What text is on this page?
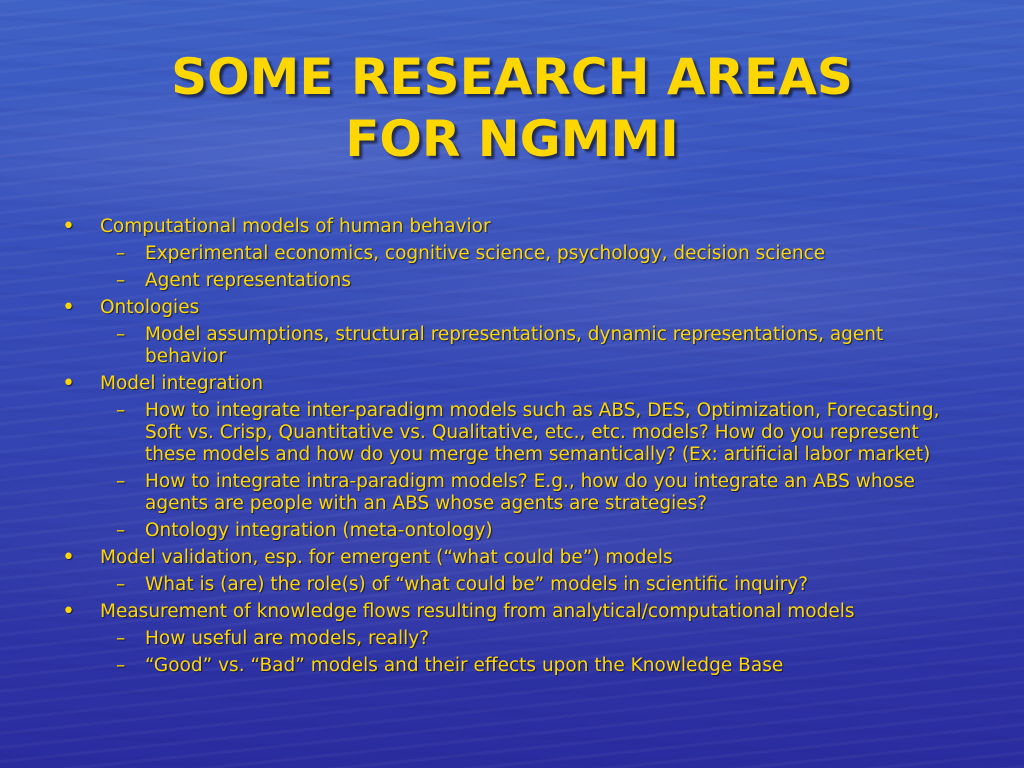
SOME RESEARCH AREAS
FOR NGMMI
• Computational models of human behavior
– Experimental economics, cognitive science, psychology, decision science
– Agent representations
• Ontologies
– Model assumptions, structural representations, dynamic representations, agent behavior
• Model integration
– How to integrate inter-paradigm models such as ABS, DES, Optimization, Forecasting, Soft vs. Crisp, Quantitative vs. Qualitative, etc., etc. models? How do you represent these models and how do you merge them semantically? (Ex: artificial labor market)
– How to integrate intra-paradigm models? E.g., how do you integrate an ABS whose agents are people with an ABS whose agents are strategies?
– Ontology integration (meta-ontology)
• Model validation, esp. for emergent (“what could be”) models
– What is (are) the role(s) of “what could be” models in scientific inquiry?
• Measurement of knowledge flows resulting from analytical/computational models
– How useful are models, really?
– “Good” vs. “Bad” models and their effects upon the Knowledge Base
